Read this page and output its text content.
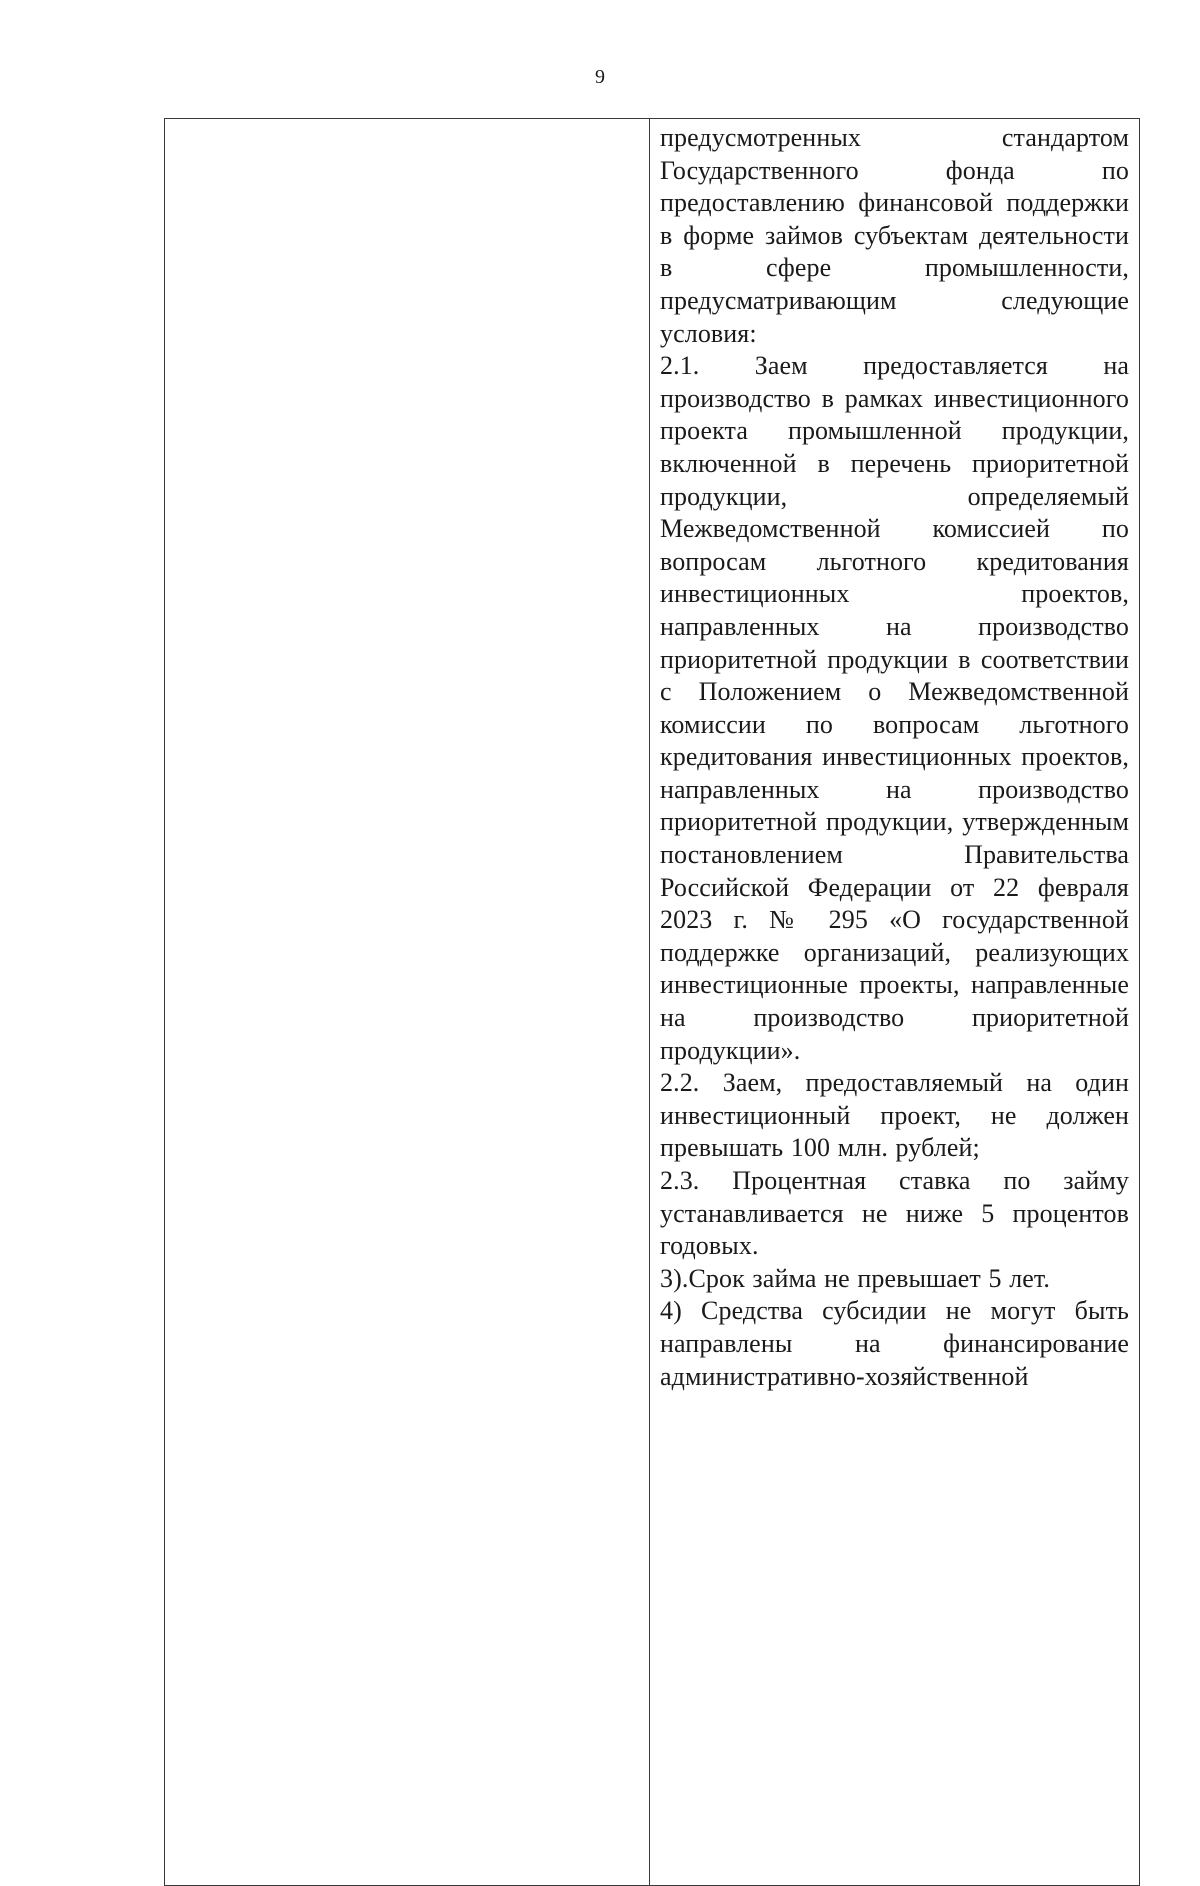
9

предусмотренных стандартом Государственного фонда по предоставлению финансовой поддержки в форме займов субъектам деятельности в сфере промышленности, предусматривающим следующие условия:
2.1. Заем предоставляется на производство в рамках инвестиционного проекта промышленной продукции, включенной в перечень приоритетной продукции, определяемый Межведомственной комиссией по вопросам льготного кредитования инвестиционных проектов, направленных на производство приоритетной продукции в соответствии с Положением о Межведомственной комиссии по вопросам льготного кредитования инвестиционных проектов, направленных на производство приоритетной продукции, утвержденным постановлением Правительства Российской Федерации от 22 февраля 2023 г. № 295 «О государственной поддержке организаций, реализующих инвестиционные проекты, направленные на производство приоритетной продукции».
2.2. Заем, предоставляемый на один инвестиционный проект, не должен превышать 100 млн. рублей;
2.3. Процентная ставка по займу устанавливается не ниже 5 процентов годовых.
3).Срок займа не превышает 5 лет.
4) Средства субсидии не могут быть направлены на финансирование административно-хозяйственной
